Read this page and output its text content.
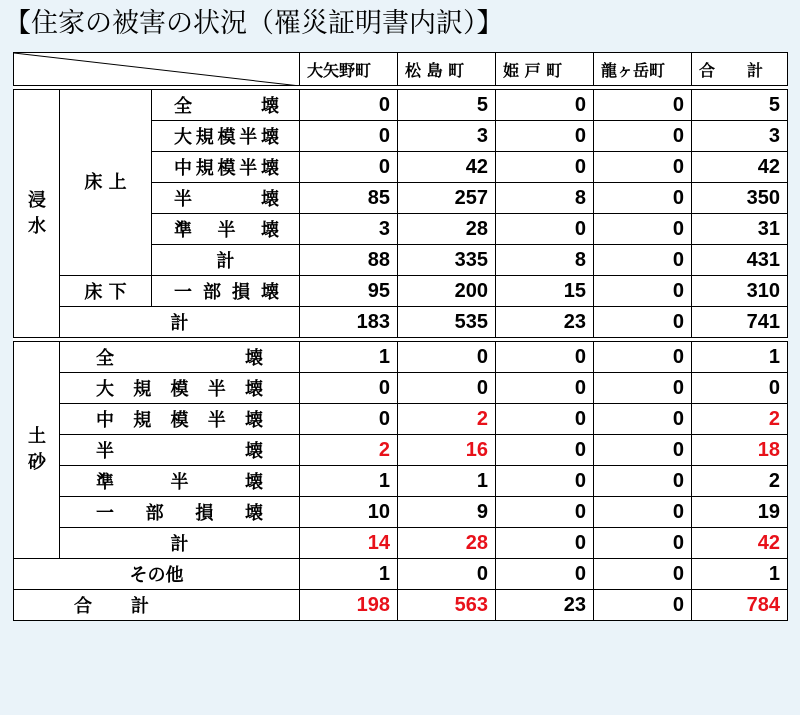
【住家の被害の状況（罹災証明書内訳）】
	大矢野町	松 島 町	姫 戸 町	龍ヶ岳町	合　　計

浸水	床 上	全壊	0	5	0	0	5
		大規模半壊	0	3	0	0	3
		中規模半壊	0	42	0	0	42
		半壊	85	257	8	0	350
		準半壊	3	28	0	0	31
		計	88	335	8	0	431
	床 下	一部損壊	95	200	15	0	310
	計		183	535	23	0	741

土砂	全壊		1	0	0	0	1
	大規模半壊		0	0	0	0	0
	中規模半壊		0	2	0	0	2
	半壊		2	16	0	0	18
	準半壊		1	1	0	0	2
	一部損壊		10	9	0	0	19
	計		14	28	0	0	42
その他			1	0	0	0	1
合計			198	563	23	0	784
